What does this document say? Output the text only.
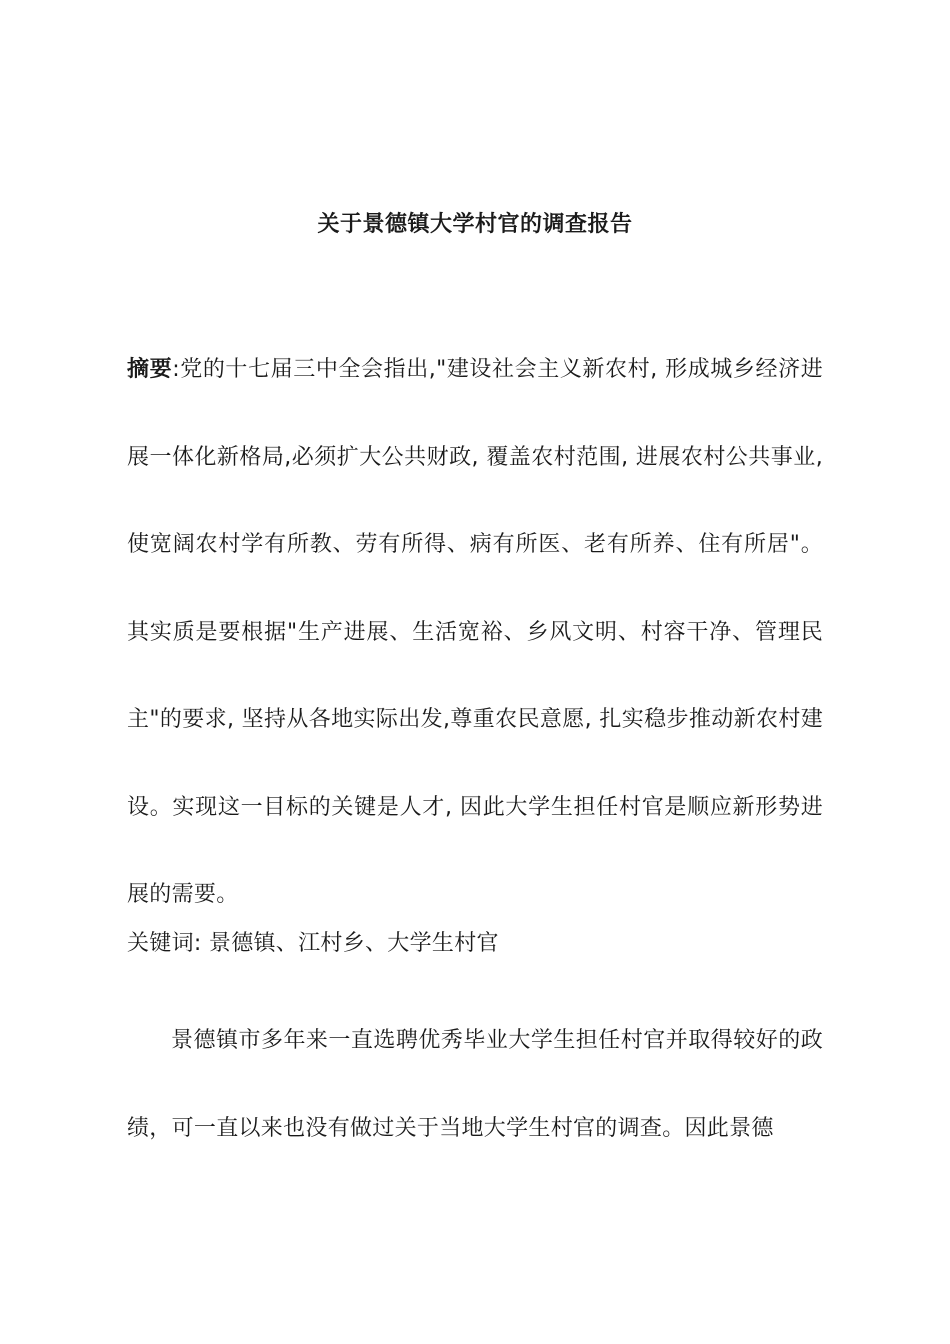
关于景德镇大学村官的调查报告
摘要:党的十七届三中全会指出,"建设社会主义新农村, 形成城乡经济进展一体化新格局,必须扩大公共财政, 覆盖农村范围, 进展农村公共事业, 使宽阔农村学有所教、劳有所得、病有所医、老有所养、住有所居"。其实质是要根据"生产进展、生活宽裕、乡风文明、村容干净、管理民主"的要求, 坚持从各地实际出发,尊重农民意愿, 扎实稳步推动新农村建设。实现这一目标的关键是人才, 因此大学生担任村官是顺应新形势进展的需要。
关键词: 景德镇、江村乡、大学生村官
景德镇市多年来一直选聘优秀毕业大学生担任村官并取得较好的政绩，可一直以来也没有做过关于当地大学生村官的调查。因此景德
